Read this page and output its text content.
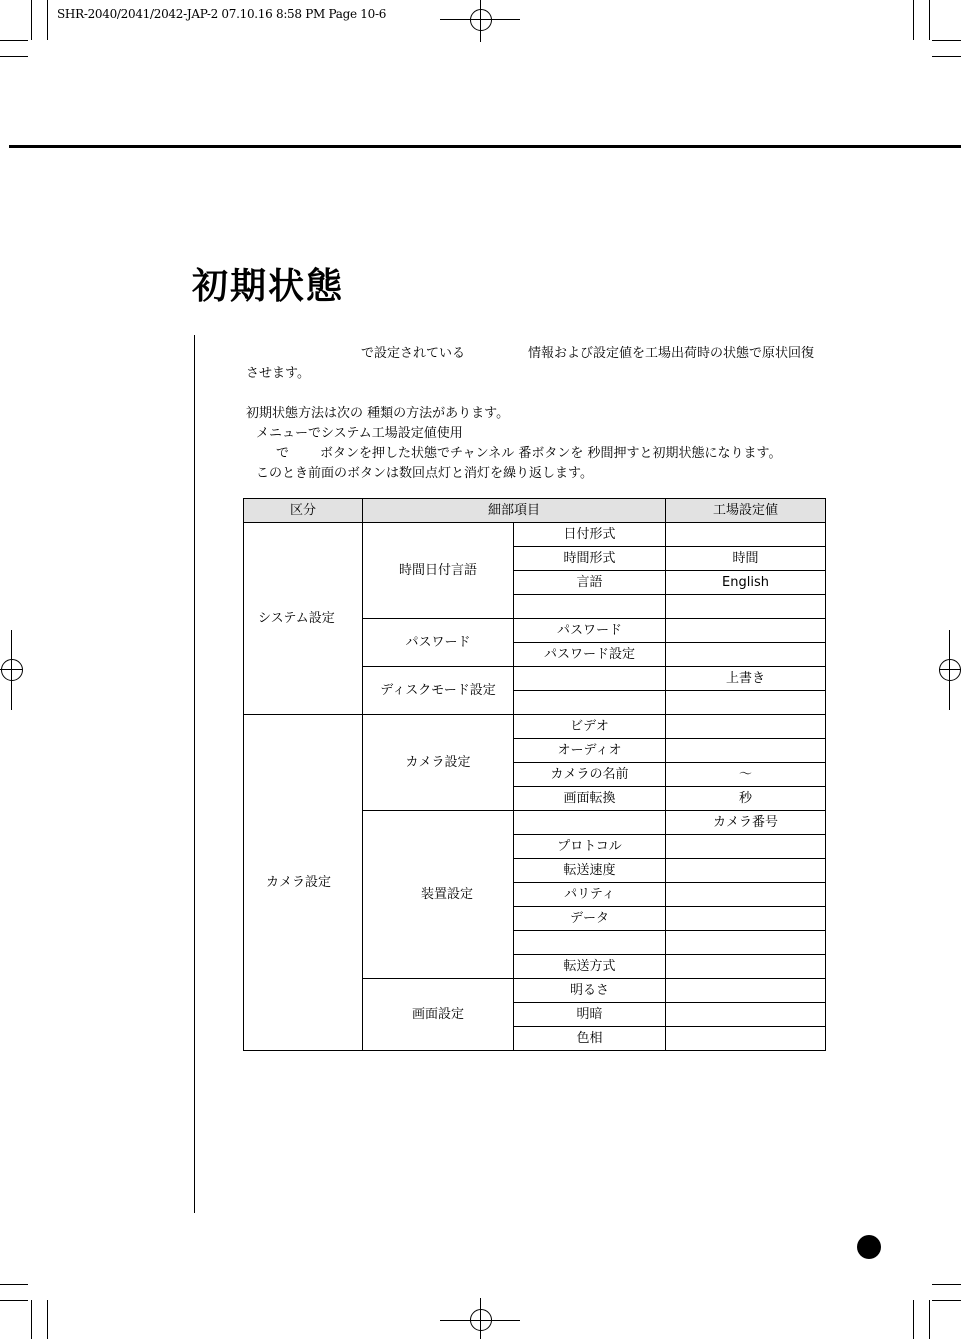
SHR-2040/2041/2042-JAP-2 07.10.16 8:58 PM Page 10-6
初期状態
で設定されている	情報および設定値を工場出荷時の状態で原状回復
させます。
初期状態方法は次の 種類の方法があります。
メニューでシステム工場設定値使用
で ボタンを押した状態でチャンネル 番ボタンを 秒間押すと初期状態になります。
このとき前面のボタンは数回点灯と消灯を繰り返します。
区分	細部項目		工場設定値
システム設定	時間日付言語	日付形式	
		時間形式	時間
		言語	English

	パスワード	パスワード	
		パスワード設定	
	ディスクモード設定		上書き

カメラ設定	カメラ設定	ビデオ	
		オーディオ	
		カメラの名前	～
		画面転換	秒
	装置設定		カメラ番号
		プロトコル	
		転送速度	
		パリティ	
		データ	

		転送方式	
	画面設定	明るさ	
		明暗	
		色相	
